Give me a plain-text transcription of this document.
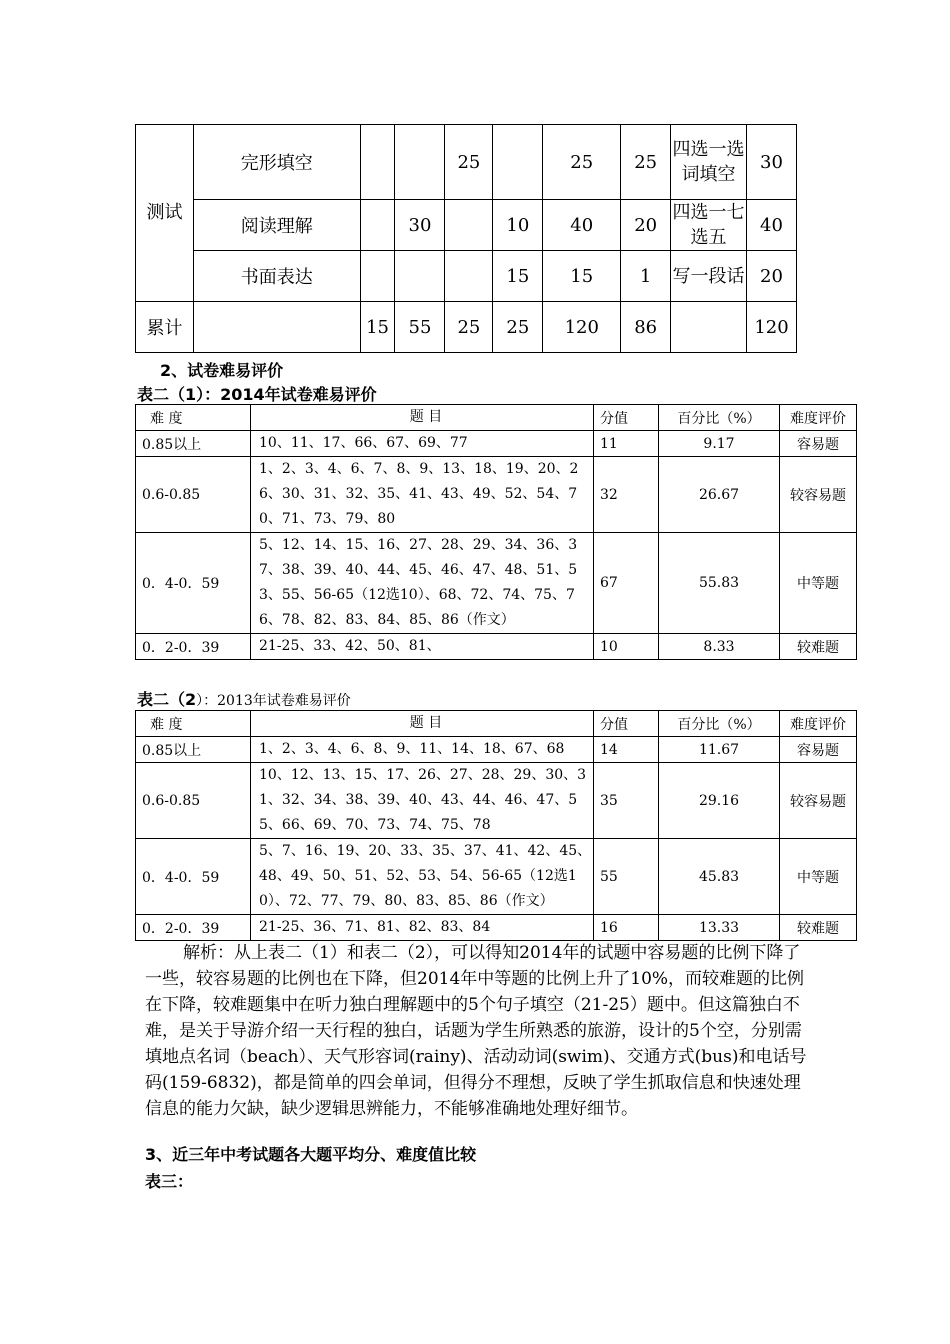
测试	完形填空			25		25	25	四选一选词填空	30
	阅读理解		30		10	40	20	四选一七选五	40
	书面表达				15	15	1	写一段话	20
累计		15	55	25	25	120	86		120
2、试卷难易评价
表二（1）：2014年试卷难易评价
难 度	题 目	分值	百分比（%）	难度评价
0.85以上	10、11、17、66、67、69、77	11	9.17	容易题
0.6-0.85	1、2、3、4、6、7、8、9、13、18、19、20、26、30、31、32、35、41、43、49、52、54、70、71、73、79、80	32	26.67	较容易题
0．4-0．59	5、12、14、15、16、27、28、29、34、36、37、38、39、40、44、45、46、47、48、51、53、55、56-65（12选10）、68、72、74、75、76、78、82、83、84、85、86（作文）	67	55.83	中等题
0．2-0．39	21-25、33、42、50、81、	10	8.33	较难题
表二（2）：2013年试卷难易评价
难 度	题 目	分值	百分比（%）	难度评价
0.85以上	1、2、3、4、6、8、9、11、14、18、67、68	14	11.67	容易题
0.6-0.85	10、12、13、15、17、26、27、28、29、30、31、32、34、38、39、40、43、44、46、47、55、66、69、70、73、74、75、78	35	29.16	较容易题
0．4-0．59	5、7、16、19、20、33、35、37、41、42、45、48、49、50、51、52、53、54、56-65（12选10）、72、77、79、80、83、85、86（作文）	55	45.83	中等题
0．2-0．39	21-25、36、71、81、82、83、84	16	13.33	较难题

解析：从上表二（1）和表二（2），可以得知2014年的试题中容易题的比例下降了一些，较容易题的比例也在下降，但2014年中等题的比例上升了10%，而较难题的比例在下降，较难题集中在听力独白理解题中的5个句子填空（21-25）题中。但这篇独白不难，是关于导游介绍一天行程的独白，话题为学生所熟悉的旅游，设计的5个空，分别需填地点名词（beach）、天气形容词(rainy)、活动动词(swim)、交通方式(bus)和电话号码(159-6832)，都是简单的四会单词，但得分不理想，反映了学生抓取信息和快速处理信息的能力欠缺，缺少逻辑思辨能力，不能够准确地处理好细节。

3、近三年中考试题各大题平均分、难度值比较
表三：
